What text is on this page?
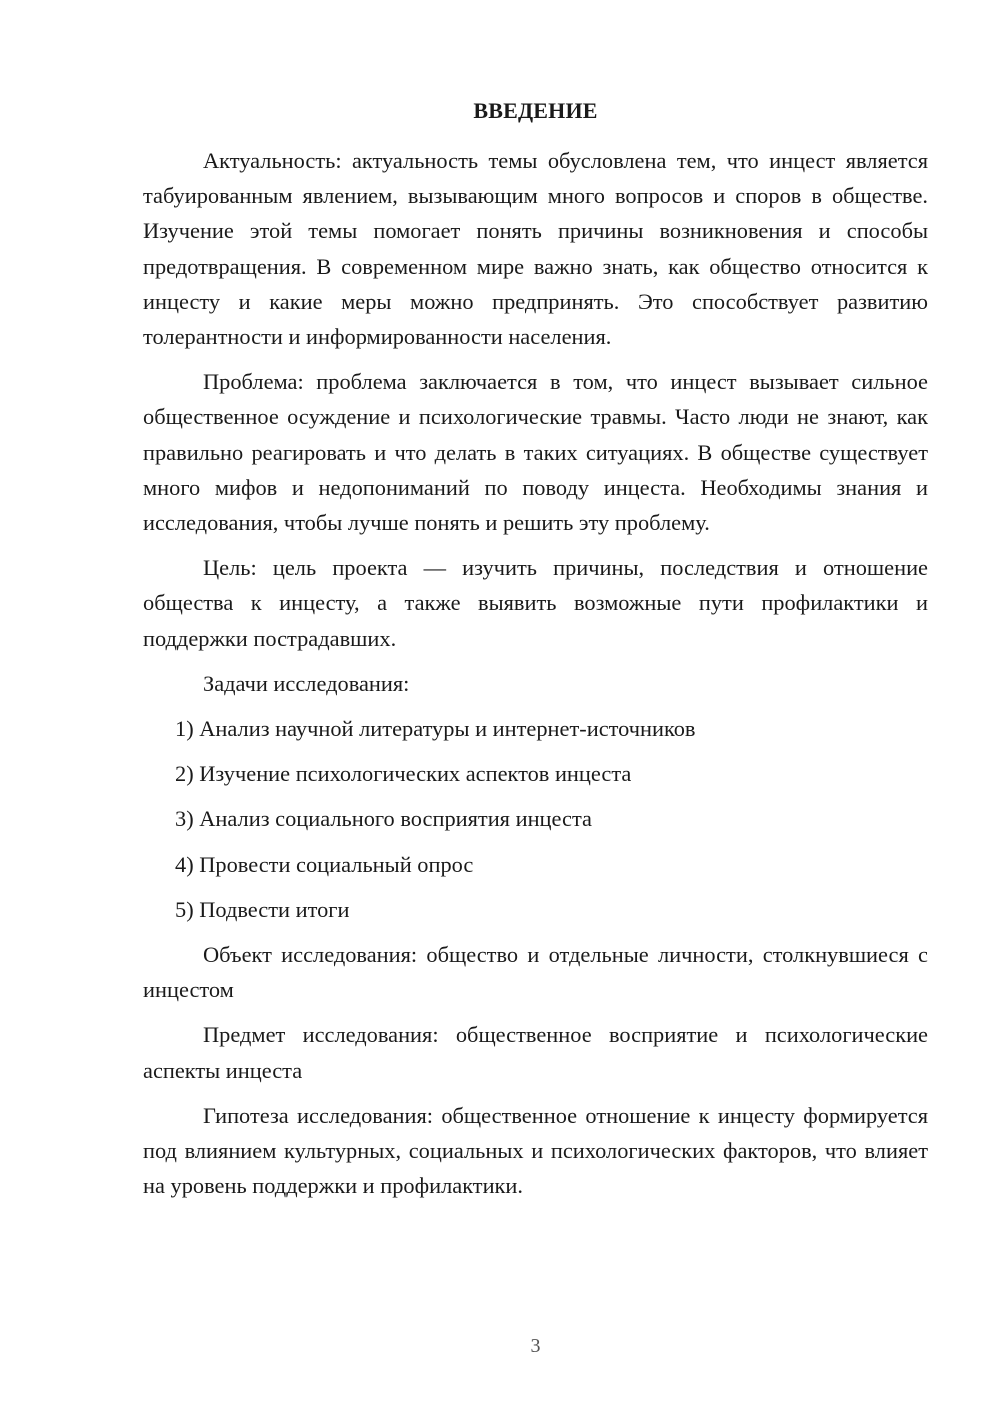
ВВЕДЕНИЕ

Актуальность: актуальность темы обусловлена тем, что инцест является табуированным явлением, вызывающим много вопросов и споров в обществе. Изучение этой темы помогает понять причины возникновения и способы предотвращения. В современном мире важно знать, как общество относится к инцесту и какие меры можно предпринять. Это способствует развитию толерантности и информированности населения.

Проблема: проблема заключается в том, что инцест вызывает сильное общественное осуждение и психологические травмы. Часто люди не знают, как правильно реагировать и что делать в таких ситуациях. В обществе существует много мифов и недопониманий по поводу инцеста. Необходимы знания и исследования, чтобы лучше понять и решить эту проблему.

Цель: цель проекта — изучить причины, последствия и отношение общества к инцесту, а также выявить возможные пути профилактики и поддержки пострадавших.

Задачи исследования:

1) Анализ научной литературы и интернет-источников
2) Изучение психологических аспектов инцеста
3) Анализ социального восприятия инцеста
4) Провести социальный опрос
5) Подвести итоги

Объект исследования: общество и отдельные личности, столкнувшиеся с инцестом

Предмет исследования: общественное восприятие и психологические аспекты инцеста

Гипотеза исследования: общественное отношение к инцесту формируется под влиянием культурных, социальных и психологических факторов, что влияет на уровень поддержки и профилактики.

3
